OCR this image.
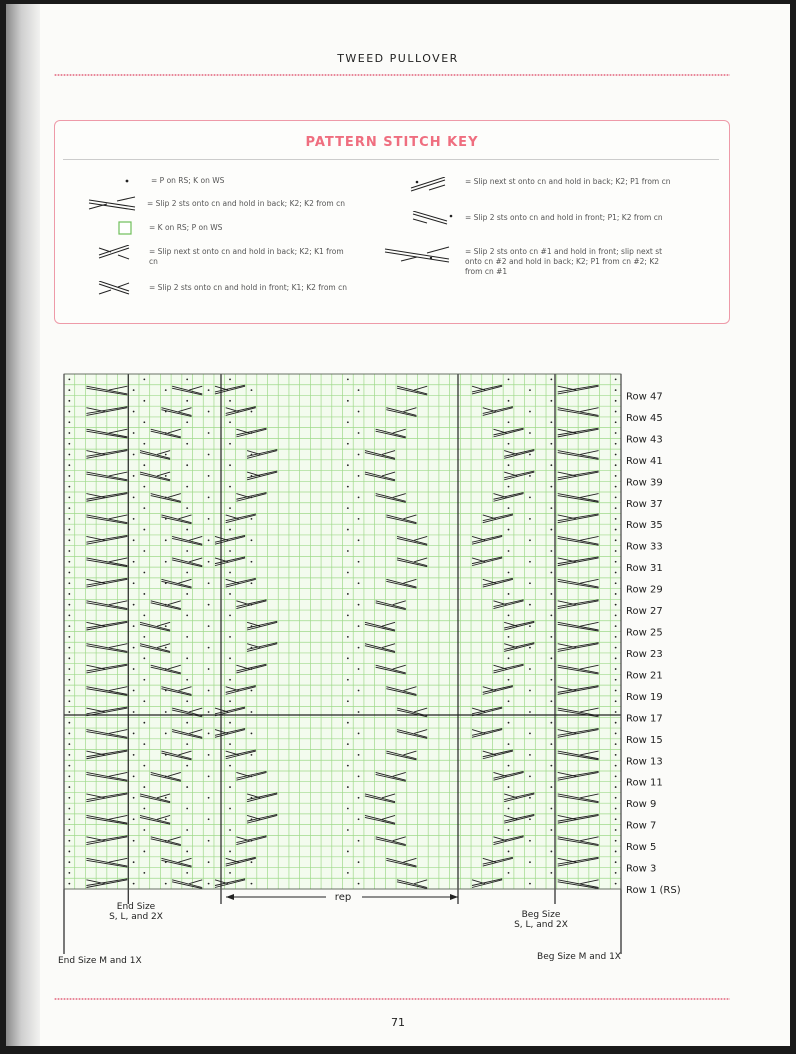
TWEED PULLOVER
PATTERN STITCH KEY
= P on RS; K on WS
= Slip 2 sts onto cn and hold in back; K2; K2 from cn
= K on RS; P on WS
= Slip next st onto cn and hold in back; K2; K1 from cn
= Slip 2 sts onto cn and hold in front; K1; K2 from cn
= Slip next st onto cn and hold in back; K2; P1 from cn
= Slip 2 sts onto cn and hold in front; P1; K2 from cn
= Slip 2 sts onto cn #1 and hold in front; slip next st onto cn #2 and hold in back; K2; P1 from cn #2; K2 from cn #1
Row 47
Row 45
Row 43
Row 41
Row 39
Row 37
Row 35
Row 33
Row 31
Row 29
Row 27
Row 25
Row 23
Row 21
Row 19
Row 17
Row 15
Row 13
Row 11
Row 9
Row 7
Row 5
Row 3
Row 1 (RS)
rep
End Size
S, L, and 2X	Beg Size
S, L, and 2X
End Size M and 1X	Beg Size M and 1X
71
